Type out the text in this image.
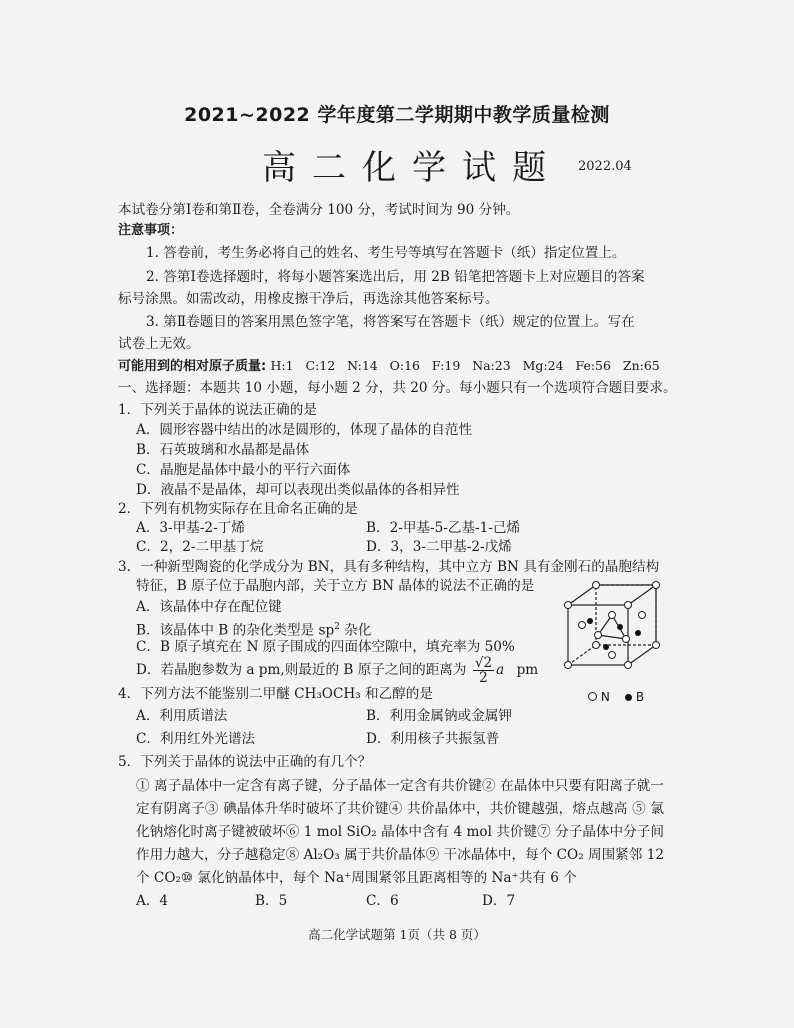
2021~2022 学年度第二学期期中教学质量检测
高二化学试题 2022.04
本试卷分第Ⅰ卷和第Ⅱ卷，全卷满分 100 分，考试时间为 90 分钟。
注意事项：
1. 答卷前，考生务必将自己的姓名、考生号等填写在答题卡（纸）指定位置上。
2. 答第Ⅰ卷选择题时，将每小题答案选出后，用 2B 铅笔把答题卡上对应题目的答案
标号涂黑。如需改动，用橡皮擦干净后，再选涂其他答案标号。
3. 第Ⅱ卷题目的答案用黑色签字笔，将答案写在答题卡（纸）规定的位置上。写在
试卷上无效。
可能用到的相对原子质量: H:1   C:12   N:14   O:16   F:19   Na:23   Mg:24   Fe:56   Zn:65
一、选择题：本题共 10 小题，每小题 2 分，共 20 分。每小题只有一个选项符合题目要求。
1．下列关于晶体的说法正确的是
A．圆形容器中结出的冰是圆形的，体现了晶体的自范性
B．石英玻璃和水晶都是晶体
C．晶胞是晶体中最小的平行六面体
D．液晶不是晶体，却可以表现出类似晶体的各相异性
2．下列有机物实际存在且命名正确的是
A．3-甲基-2-丁烯	B．2-甲基-5-乙基-1-己烯
C．2，2-二甲基丁烷	D．3，3-二甲基-2-戊烯
3．一种新型陶瓷的化学成分为 BN，具有多种结构，其中立方 BN 具有金刚石的晶胞结构
特征，B 原子位于晶胞内部，关于立方 BN 晶体的说法不正确的是
A．该晶体中存在配位键
B．该晶体中 B 的杂化类型是 $sp^2$ 杂化
C．B 原子填充在 N 原子围成的四面体空隙中，填充率为 50%
D．若晶胞参数为 a pm,则最近的 B 原子之间的距离为 $\frac{√2}{2}$ a pm
N B
4．下列方法不能鉴别二甲醚 CH₃OCH₃ 和乙醇的是
A．利用质谱法	B．利用金属钠或金属钾
C．利用红外光谱法	D．利用核子共振氢普
5．下列关于晶体的说法中正确的有几个？
① 离子晶体中一定含有离子键，分子晶体一定含有共价键② 在晶体中只要有阳离子就一定有阴离子③ 碘晶体升华时破坏了共价键④ 共价晶体中，共价键越强，熔点越高 ⑤ 氯化钠熔化时离子键被破坏⑥ 1 mol SiO₂ 晶体中含有 4 mol 共价键⑦ 分子晶体中分子间作用力越大，分子越稳定⑧ Al₂O₃ 属于共价晶体⑨ 干冰晶体中，每个 CO₂ 周围紧邻 12 个 CO₂⑩ 氯化钠晶体中，每个 Na⁺周围紧邻且距离相等的 Na⁺共有 6 个
A．4	B．5	C．6	D．7
高二化学试题第 1页（共 8 页）
